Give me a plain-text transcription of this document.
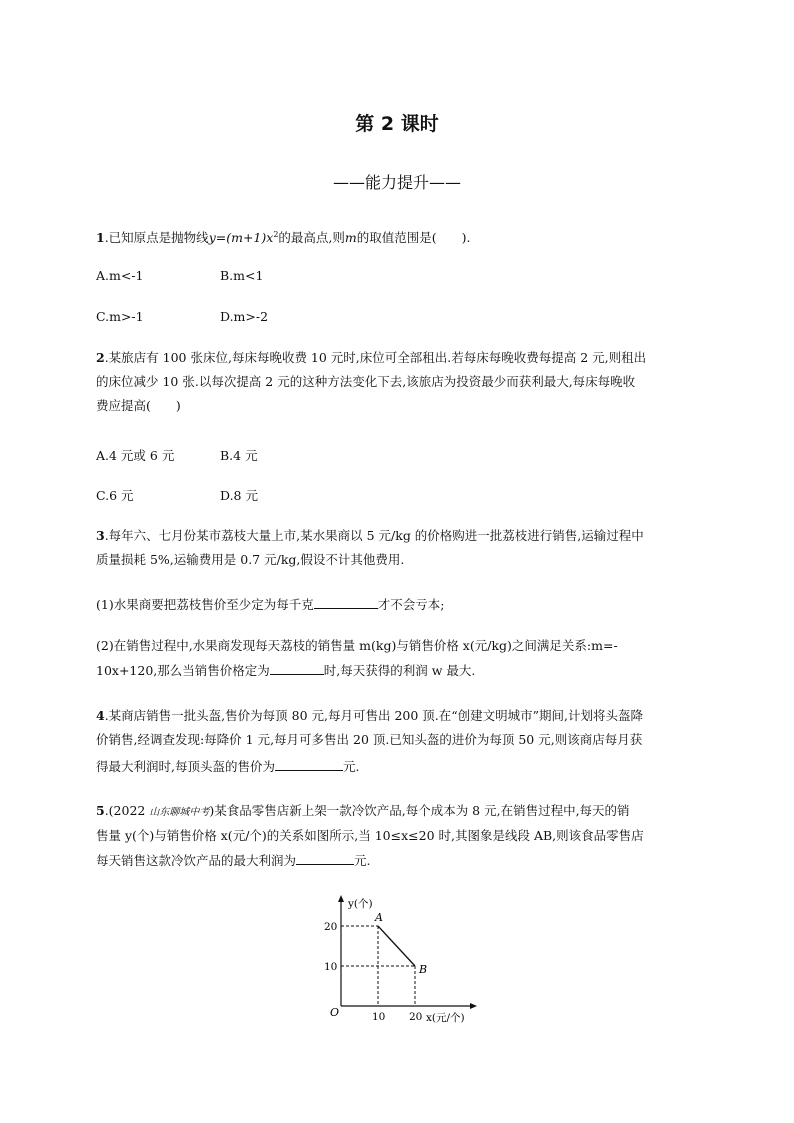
第 2 课时
——能力提升——
1.已知原点是抛物线$y=(m+1)x^2$的最高点,则m的取值范围是(　　).
A.m<-1	B.m<1
C.m>-1	D.m>-2
2.某旅店有 100 张床位,每床每晚收费 10 元时,床位可全部租出.若每床每晚收费每提高 2 元,则租出
的床位减少 10 张.以每次提高 2 元的这种方法变化下去,该旅店为投资最少而获利最大,每床每晚收
费应提高(　　)
A.4 元或 6 元	B.4 元
C.6 元	D.8 元
3.每年六、七月份某市荔枝大量上市,某水果商以 5 元/kg 的价格购进一批荔枝进行销售,运输过程中
质量损耗 5%,运输费用是 0.7 元/kg,假设不计其他费用.
(1)水果商要把荔枝售价至少定为每千克	才不会亏本;
(2)在销售过程中,水果商发现每天荔枝的销售量 m(kg)与销售价格 x(元/kg)之间满足关系:m=-
10x+120,那么当销售价格定为	时,每天获得的利润 w 最大.
4.某商店销售一批头盔,售价为每顶 80 元,每月可售出 200 顶.在“创建文明城市”期间,计划将头盔降
价销售,经调查发现:每降价 1 元,每月可多售出 20 顶.已知头盔的进价为每顶 50 元,则该商店每月获
得最大利润时,每顶头盔的售价为	元.
5.(2022 山东聊城中考)某食品零售店新上架一款冷饮产品,每个成本为 8 元,在销售过程中,每天的销
售量 y(个)与销售价格 x(元/个)的关系如图所示,当 10≤x≤20 时,其图象是线段 AB,则该食品零售店
每天销售这款冷饮产品的最大利润为	元.
O	x(元/个)
y(个)
A
B
10 20
10
20
